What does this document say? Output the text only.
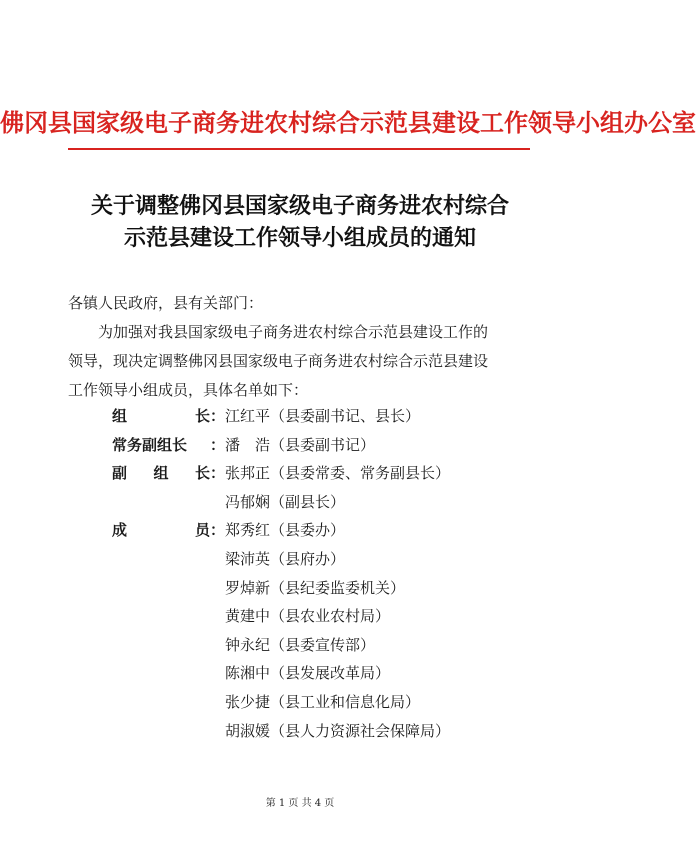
佛冈县国家级电子商务进农村综合示范县建设工作领导小组办公室
关于调整佛冈县国家级电子商务进农村综合
示范县建设工作领导小组成员的通知
各镇人民政府，县有关部门：

　　为加强对我县国家级电子商务进农村综合示范县建设工作的

领导，现决定调整佛冈县国家级电子商务进农村综合示范县建设

工作领导小组成员，具体名单如下：

组	长 ：江红平（县委副书记、县长）
常务副组长	：潘　浩（县委副书记）
副 组 长 ：张邦正（县委常委、常务副县长）
冯郁娴（副县长）
成	员 ：郑秀红（县委办）
梁沛英（县府办）
罗焯新（县纪委监委机关）
黄建中（县农业农村局）
钟永纪（县委宣传部）
陈湘中（县发展改革局）
张少捷（县工业和信息化局）
胡淑媛（县人力资源社会保障局）
第 1 页 共 4 页
